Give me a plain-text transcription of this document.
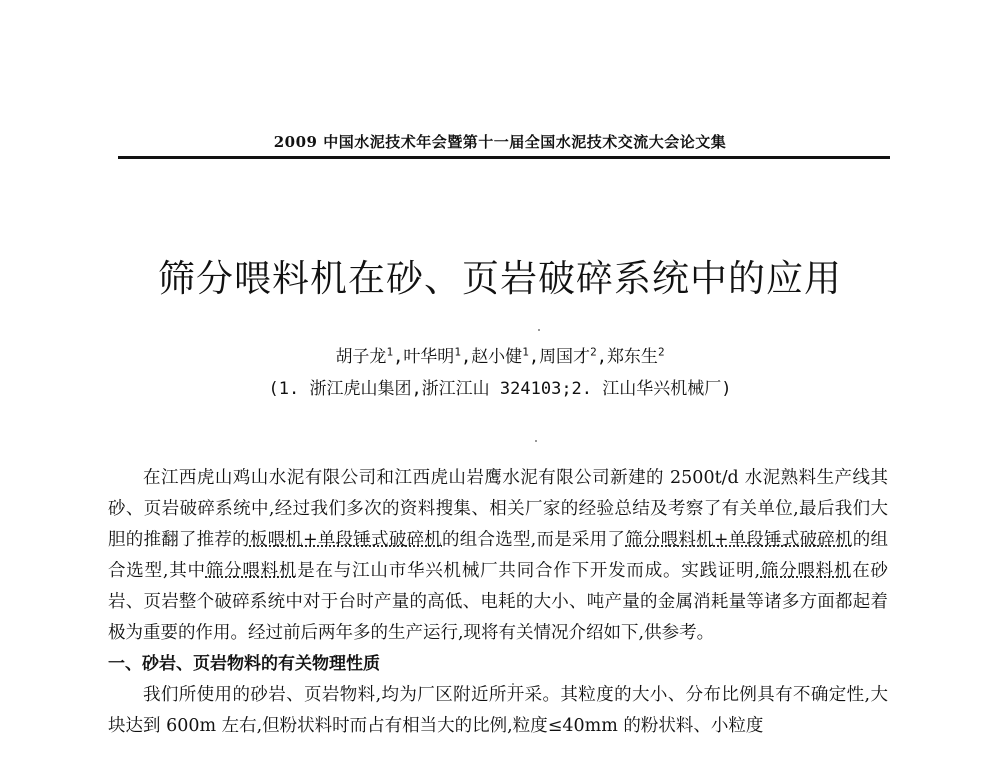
2009 中国水泥技术年会暨第十一届全国水泥技术交流大会论文集
筛分喂料机在砂、页岩破碎系统中的应用
胡子龙$^1$,叶华明$^1$,赵小健$^1$,周国才$^2$,郑东生$^2$
(1. 浙江虎山集团,浙江江山 324103;2. 江山华兴机械厂)

在江西虎山鸡山水泥有限公司和江西虎山岩鹰水泥有限公司新建的 2500t/d 水泥熟料生产线其砂、页岩破碎系统中,经过我们多次的资料搜集、相关厂家的经验总结及考察了有关单位,最后我们大胆的推翻了推荐的板喂机+单段锤式破碎机的组合选型,而是采用了筛分喂料机+单段锤式破碎机的组合选型,其中筛分喂料机是在与江山市华兴机械厂共同合作下开发而成。实践证明,筛分喂料机在砂岩、页岩整个破碎系统中对于台时产量的高低、电耗的大小、吨产量的金属消耗量等诸多方面都起着极为重要的作用。经过前后两年多的生产运行,现将有关情况介绍如下,供参考。

一、砂岩、页岩物料的有关物理性质

我们所使用的砂岩、页岩物料,均为厂区附近所开采。其粒度的大小、分布比例具有不确定性,大块达到 600m 左右,但粉状料时而占有相当大的比例,粒度≤40mm 的粉状料、小粒度
